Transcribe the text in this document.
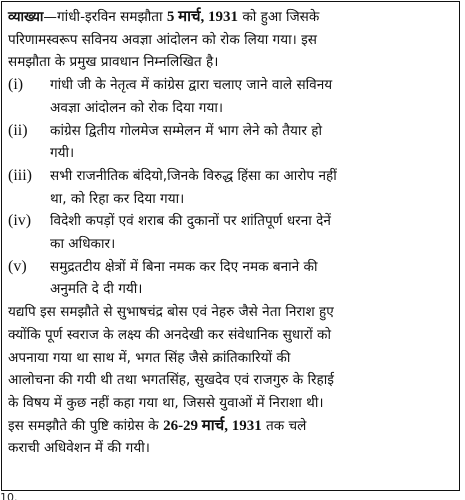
व्याख्या—गांधी-इरविन समझौता 5 मार्च, 1931 को हुआ जिसके
परिणामस्वरूप सविनय अवज्ञा आंदोलन को रोक लिया गया। इस
समझौता के प्रमुख प्रावधान निम्नलिखित है।
(i) गांधी जी के नेतृत्व में कांग्रेस द्वारा चलाए जाने वाले सविनय
अवज्ञा आंदोलन को रोक दिया गया।
(ii) कांग्रेस द्वितीय गोलमेज सम्मेलन में भाग लेने को तैयार हो
गयी।
(iii) सभी राजनीतिक बंदियो,जिनके विरुद्ध हिंसा का आरोप नहीं
था, को रिहा कर दिया गया।
(iv) विदेशी कपड़ों एवं शराब की दुकानों पर शांतिपूर्ण धरना देनें
का अधिकार।
(v) समुद्रतटीय क्षेत्रों में बिना नमक कर दिए नमक बनाने की
अनुमति दे दी गयी।
यद्यपि इस समझौते से सुभाषचंद्र बोस एवं नेहरु जैसे नेता निराश हुए
क्योंकि पूर्ण स्वराज के लक्ष्य की अनदेखी कर संवेधानिक सुधारों को
अपनाया गया था साथ में, भगत सिंह जैसे क्रांतिकारियों की
आलोचना की गयी थी तथा भगतसिंह, सुखदेव एवं राजगुरु के रिहाई
के विषय में कुछ नहीं कहा गया था, जिससे युवाओं में निराशा थी।
इस समझौते की पुष्टि कांग्रेस के 26-29 मार्च, 1931 तक चले
कराची अधिवेशन में की गयी।
10.
